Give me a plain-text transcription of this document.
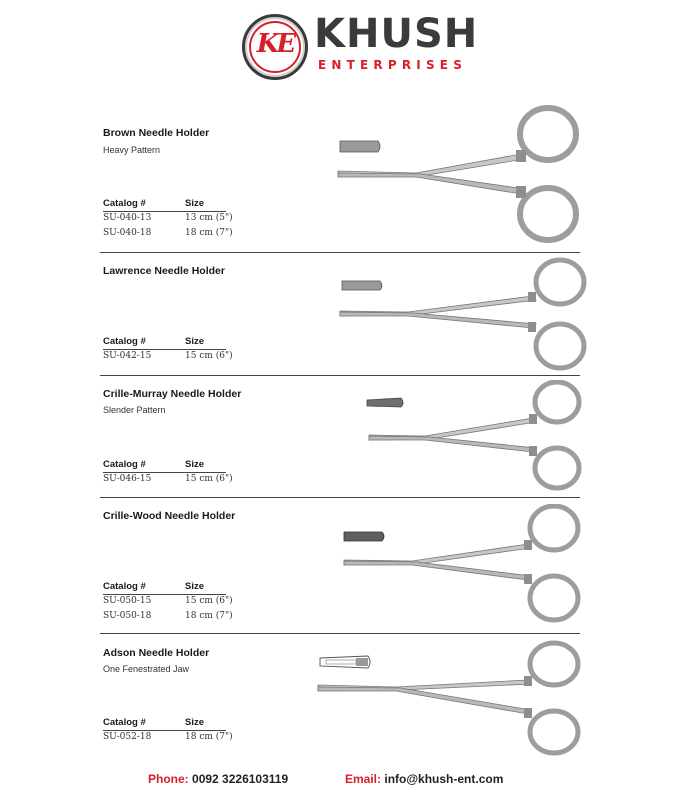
KE KHUSH
ENTERPRISES
Brown Needle Holder
Heavy Pattern
Catalog #	Size
SU-040-13	13 cm (5")
SU-040-18	18 cm (7")
Lawrence Needle Holder
Catalog #	Size
SU-042-15	15 cm (6")
Crille-Murray Needle Holder
Slender Pattern
Catalog #	Size
SU-046-15	15 cm (6")
Crille-Wood Needle Holder
Catalog #	Size
SU-050-15	15 cm (6")
SU-050-18	18 cm (7")
Adson Needle Holder
One Fenestrated Jaw
Catalog #	Size
SU-052-18	18 cm (7")
Phone: 0092 3226103119	Email: info@khush-ent.com
